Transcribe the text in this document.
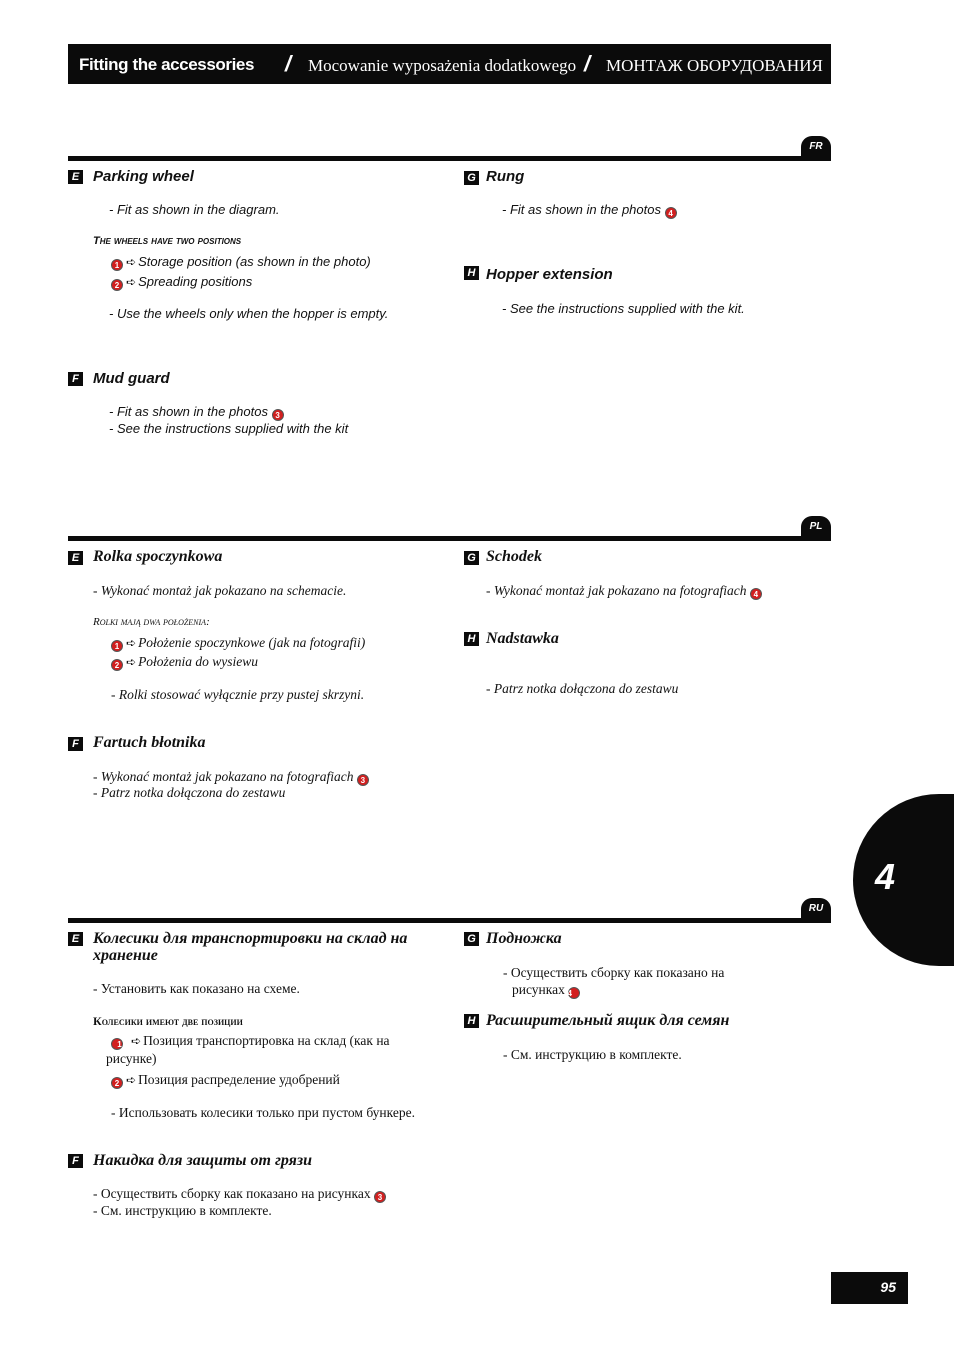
Fitting the accessories / Mocowanie wyposażenia dodatkowego / МОНТАЖ ОБОРУДОВАНИЯ
FR
E Parking wheel
- Fit as shown in the diagram.
The wheels have two positions
1 ➪ Storage position (as shown in the photo)
2 ➪ Spreading positions
- Use the wheels only when the hopper is empty.
F Mud guard
- Fit as shown in the photos 3
- See the instructions supplied with the kit
G Rung
- Fit as shown in the photos 4
H Hopper extension
- See the instructions supplied with the kit.
PL
E Rolka spoczynkowa
- Wykonać montaż jak pokazano na schemacie.
Rolki mają dwa położenia:
1 ➪ Położenie spoczynkowe (jak na fotografii)
2 ➪ Położenia do wysiewu
- Rolki stosować wyłącznie przy pustej skrzyni.
F Fartuch błotnika
- Wykonać montaż jak pokazano na fotografiach 3
- Patrz notka dołączona do zestawu
G Schodek
- Wykonać montaż jak pokazano na fotografiach 4
H Nadstawka
- Patrz notka dołączona do zestawu
4
RU
E Колесики для транспортировки на склад на хранение
- Установить как показано на схеме.
Колесики имеют две позиции
1 ➪ Позиция транспортировка на склад (как на рисунке)
2 ➪ Позиция распределение удобрений
- Использовать колесики только при пустом бункере.
F Накидка для защиты от грязи
- Осуществить сборку как показано на рисунках 3
- См. инструкцию в комплекте.
G Подножка
- Осуществить сборку как показано на рисунках 4
H Расширительный ящик для семян
- См. инструкцию в комплекте.
95
